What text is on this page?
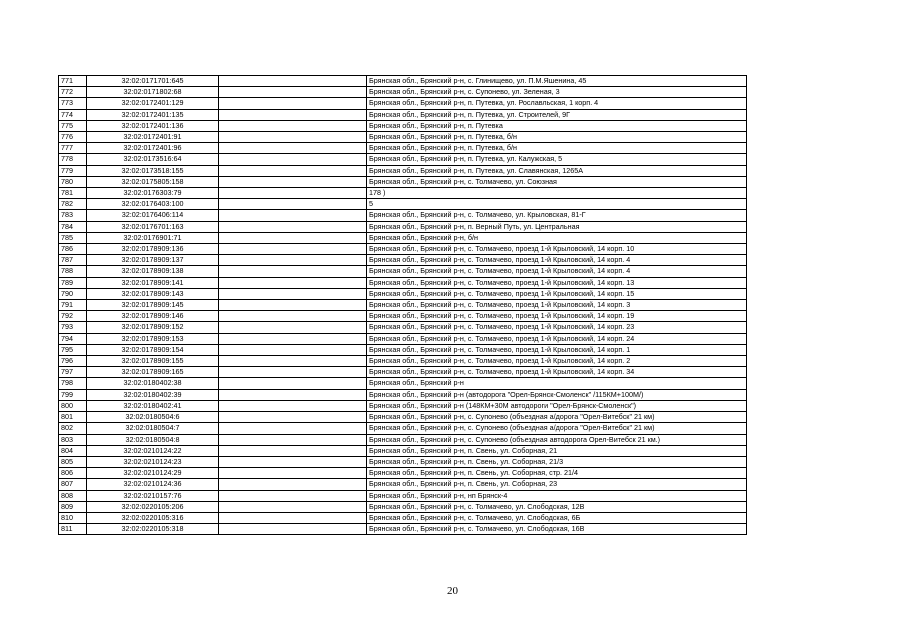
771	32:02:0171701:645		Брянская обл., Брянский р-н, с. Глинищево, ул. П.М.Яшенина, 45
772	32:02:0171802:68		Брянская обл., Брянский р-н, с. Супонево, ул. Зеленая, 3
773	32:02:0172401:129		Брянская обл., Брянский р-н, п. Путевка, ул. Рославльская, 1 корп. 4
774	32:02:0172401:135		Брянская обл., Брянский р-н, п. Путевка, ул. Строителей, 9Г
775	32:02:0172401:136		Брянская обл., Брянский р-н, п. Путевка
776	32:02:0172401:91		Брянская обл., Брянский р-н, п. Путевка, б/н
777	32:02:0172401:96		Брянская обл., Брянский р-н, п. Путевка, б/н
778	32:02:0173516:64		Брянская обл., Брянский р-н, п. Путевка, ул. Калужская, 5
779	32:02:0173518:155		Брянская обл., Брянский р-н, п. Путевка, ул. Славянская, 1265А
780	32:02:0175805:158		Брянская обл., Брянский р-н, с. Толмачево, ул. Союзная
781	32:02:0176303:79		178 )
782	32:02:0176403:100		5
783	32:02:0176406:114		Брянская обл., Брянский р-н, с. Толмачево, ул. Крыловская, 81-Г
784	32:02:0176701:163		Брянская обл., Брянский р-н, п. Верный Путь, ул. Центральная
785	32:02:0176901:71		Брянская обл., Брянский р-н, б/н
786	32:02:0178909:136		Брянская обл., Брянский р-н, с. Толмачево, проезд 1-й Крыловский, 14 корп. 10
787	32:02:0178909:137		Брянская обл., Брянский р-н, с. Толмачево, проезд 1-й Крыловский, 14 корп. 4
788	32:02:0178909:138		Брянская обл., Брянский р-н, с. Толмачево, проезд 1-й Крыловский, 14 корп. 4
789	32:02:0178909:141		Брянская обл., Брянский р-н, с. Толмачево, проезд 1-й Крыловский, 14 корп. 13
790	32:02:0178909:143		Брянская обл., Брянский р-н, с. Толмачево, проезд 1-й Крыловский, 14 корп. 15
791	32:02:0178909:145		Брянская обл., Брянский р-н, с. Толмачево, проезд 1-й Крыловский, 14 корп. 3
792	32:02:0178909:146		Брянская обл., Брянский р-н, с. Толмачево, проезд 1-й Крыловский, 14 корп. 19
793	32:02:0178909:152		Брянская обл., Брянский р-н, с. Толмачево, проезд 1-й Крыловский, 14 корп. 23
794	32:02:0178909:153		Брянская обл., Брянский р-н, с. Толмачево, проезд 1-й Крыловский, 14 корп. 24
795	32:02:0178909:154		Брянская обл., Брянский р-н, с. Толмачево, проезд 1-й Крыловский, 14 корп. 1
796	32:02:0178909:155		Брянская обл., Брянский р-н, с. Толмачево, проезд 1-й Крыловский, 14 корп. 2
797	32:02:0178909:165		Брянская обл., Брянский р-н, с. Толмачево, проезд 1-й Крыловский, 14 корп. 34
798	32:02:0180402:38		Брянская обл., Брянский р-н
799	32:02:0180402:39		Брянская обл., Брянский р-н (автодорога "Орел-Брянск-Смоленск" /115КМ+100М/)
800	32:02:0180402:41		Брянская обл., Брянский р-н (148КМ+30М автодороги "Орел-Брянск-Смоленск")
801	32:02:0180504:6		Брянская обл., Брянский р-н, с. Супонево (объездная а/дорога "Орел-Витебск" 21 км)
802	32:02:0180504:7		Брянская обл., Брянский р-н, с. Супонево (объездная а/дорога "Орел-Витебск" 21 км)
803	32:02:0180504:8		Брянская обл., Брянский р-н, с. Супонево (объездная автодорога Орел-Витебск 21 км.)
804	32:02:0210124:22		Брянская обл., Брянский р-н, п. Свень, ул. Соборная, 21
805	32:02:0210124:23		Брянская обл., Брянский р-н, п. Свень, ул. Соборная, 21/3
806	32:02:0210124:29		Брянская обл., Брянский р-н, п. Свень, ул. Соборная, стр. 21/4
807	32:02:0210124:36		Брянская обл., Брянский р-н, п. Свень, ул. Соборная, 23
808	32:02:0210157:76		Брянская обл., Брянский р-н, нп Брянск-4
809	32:02:0220105:206		Брянская обл., Брянский р-н, с. Толмачево, ул. Слободская, 12В
810	32:02:0220105:316		Брянская обл., Брянский р-н, с. Толмачево, ул. Слободская, 6Б
811	32:02:0220105:318		Брянская обл., Брянский р-н, с. Толмачево, ул. Слободская, 16В
20
